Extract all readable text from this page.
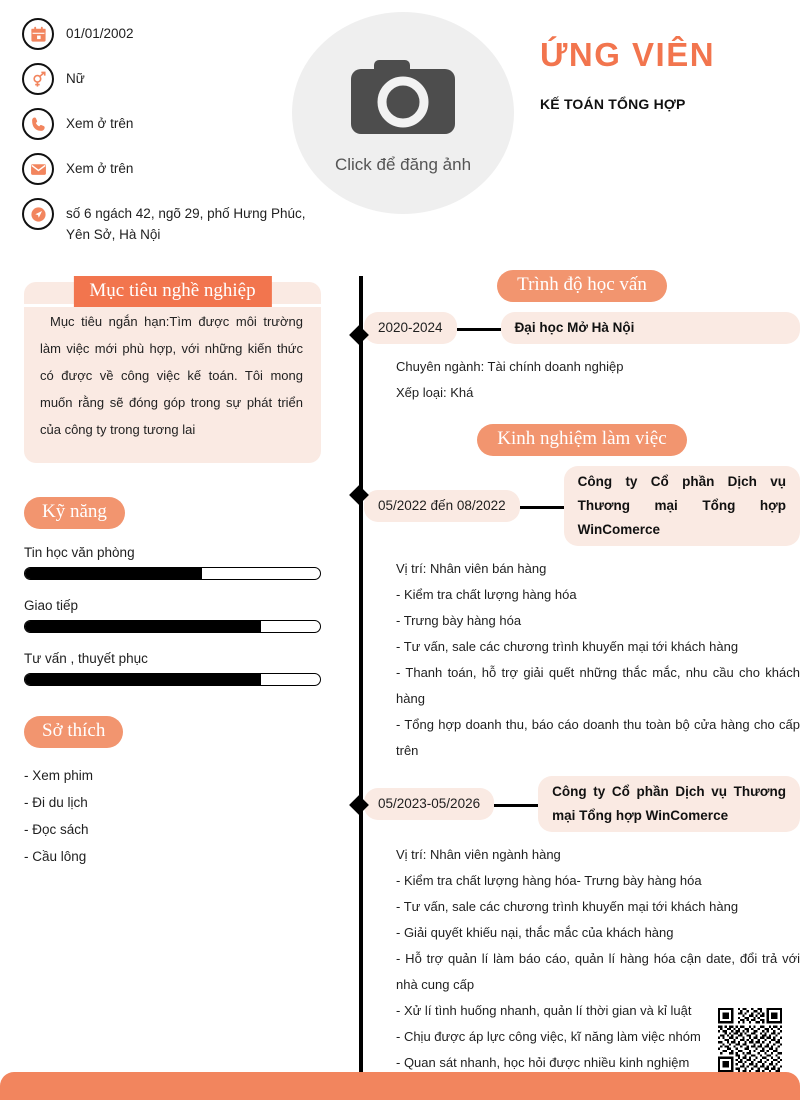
01/01/2002
Nữ
Xem ở trên
Xem ở trên
số 6 ngách 42, ngõ 29, phố Hưng Phúc, Yên Sở, Hà Nội
Click để đăng ảnh
ỨNG VIÊN
KẾ TOÁN TỔNG HỢP
Mục tiêu nghề nghiệp
Mục tiêu ngắn hạn:Tìm được môi trường làm việc mới phù hợp, với những kiến thức có được về công việc kế toán. Tôi mong muốn rằng sẽ đóng góp trong sự phát triển của công ty trong tương lai
Kỹ năng
Tin học văn phòng
Giao tiếp
Tư vấn , thuyết phục
Sở thích
- Xem phim
- Đi du lịch
- Đọc sách
- Cầu lông
Trình độ học vấn
2020-2024	Đại học Mở Hà Nội
Chuyên ngành: Tài chính doanh nghiệp
Xếp loại: Khá
Kinh nghiệm làm việc
05/2022 đến 08/2022
Công ty Cổ phần Dịch vụ Thương mại Tổng hợp WinComerce
Vị trí: Nhân viên bán hàng
- Kiểm tra chất lượng hàng hóa
- Trưng bày hàng hóa
- Tư vấn, sale các chương trình khuyến mại tới khách hàng
- Thanh toán, hỗ trợ giải quết những thắc mắc, nhu cầu cho khách hàng
- Tổng hợp doanh thu, báo cáo doanh thu toàn bộ cửa hàng cho cấp trên
05/2023-05/2026
Công ty Cổ phần Dịch vụ Thương mại Tổng hợp WinComerce
Vị trí: Nhân viên ngành hàng
- Kiểm tra chất lượng hàng hóa- Trưng bày hàng hóa
- Tư vấn, sale các chương trình khuyến mại tới khách hàng
- Giải quyết khiếu nại, thắc mắc của khách hàng
- Hỗ trợ quản lí làm báo cáo, quản lí hàng hóa cận date, đổi trả với nhà cung cấp
- Xử lí tình huống nhanh, quản lí thời gian và kỉ luật
- Chịu được áp lực công việc, kĩ năng làm việc nhóm
- Quan sát nhanh, học hỏi được nhiều kinh nghiệm
© Timviec365.vn
